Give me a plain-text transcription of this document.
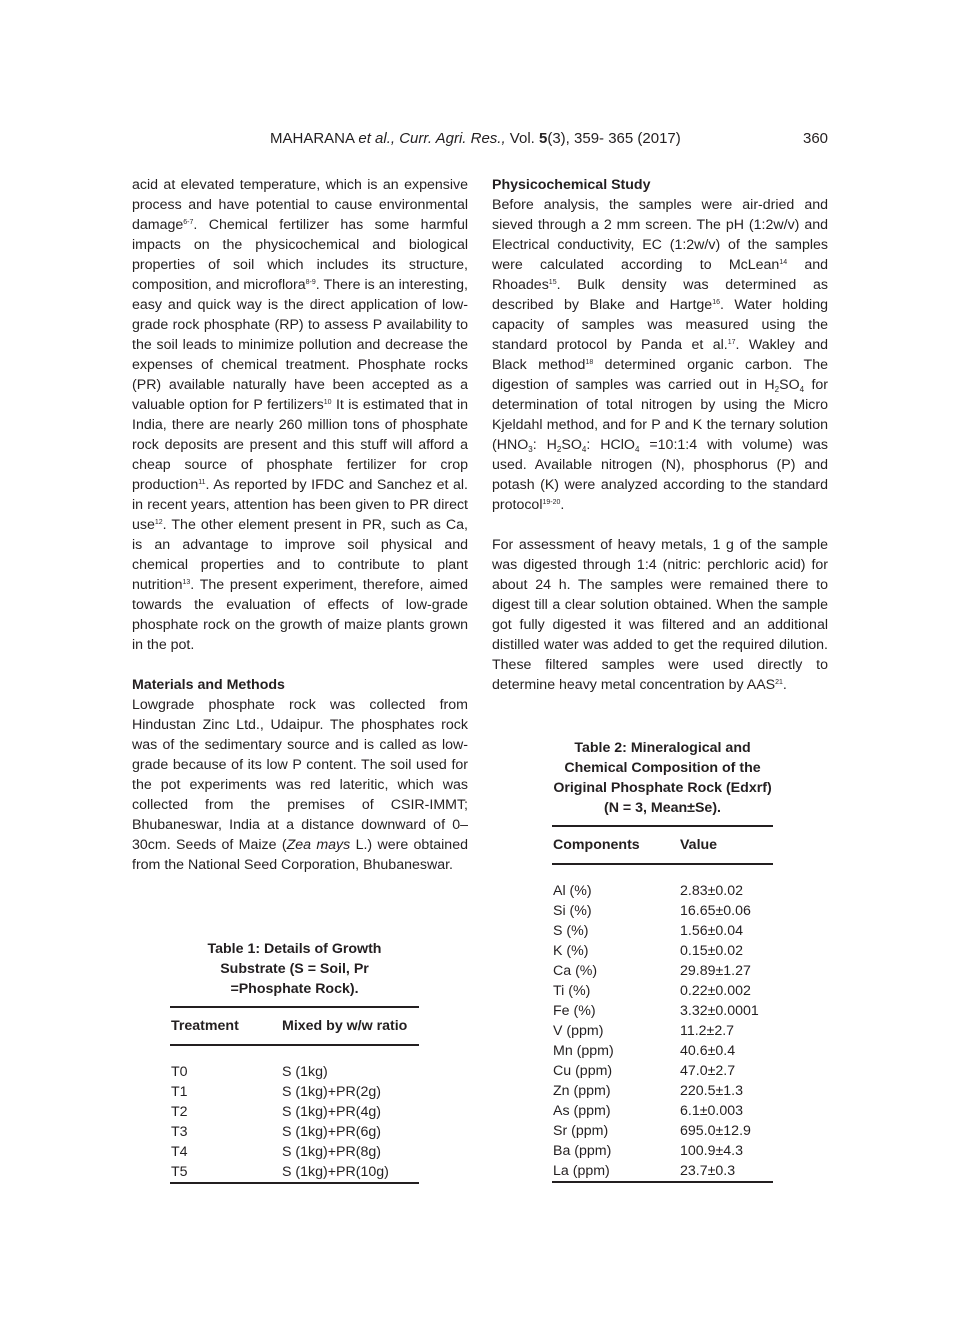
MAHARANA et al., Curr. Agri. Res., Vol. 5(3), 359- 365 (2017)	360

acid at elevated temperature, which is an expensive process and have potential to cause environmental damage$^{6-7}$. Chemical fertilizer has some harmful impacts on the physicochemical and biological properties of soil which includes its structure, composition, and microflora$^{8-9}$. There is an interesting, easy and quick way is the direct application of low-grade rock phosphate (RP) to assess P availability to the soil leads to minimize pollution and decrease the expenses of chemical treatment. Phosphate rocks (PR) available naturally have been accepted as a valuable option for P fertilizers$^{10}$ It is estimated that in India, there are nearly 260 million tons of phosphate rock deposits are present and this stuff will afford a cheap source of phosphate fertilizer for crop production$^{11}$. As reported by IFDC and Sanchez et al. in recent years, attention has been given to PR direct use$^{12}$. The other element present in PR, such as Ca, is an advantage to improve soil physical and chemical properties and to contribute to plant nutrition$^{13}$. The present experiment, therefore, aimed towards the evaluation of effects of low-grade phosphate rock on the growth of maize plants grown in the pot.

Materials and Methods

Lowgrade phosphate rock was collected from Hindustan Zinc Ltd., Udaipur. The phosphates rock was of the sedimentary source and is called as low-grade because of its low P content. The soil used for the pot experiments was red lateritic, which was collected from the premises of CSIR-IMMT; Bhubaneswar, India at a distance downward of 0–30cm. Seeds of Maize (Zea mays L.) were obtained from the National Seed Corporation, Bhubaneswar.

Physicochemical Study

Before analysis, the samples were air-dried and sieved through a 2 mm screen. The pH (1:2w/v) and Electrical conductivity, EC (1:2w/v) of the samples were calculated according to McLean$^{14}$ and Rhoades$^{15}$. Bulk density was determined as described by Blake and Hartge$^{16}$. Water holding capacity of samples was measured using the standard protocol by Panda et al.$^{17}$. Wakley and Black method$^{18}$ determined organic carbon. The digestion of samples was carried out in $H_2SO_4$ for determination of total nitrogen by using the Micro Kjeldahl method, and for P and K the ternary solution ($HNO_3$: $H_2SO_4$: HClO$_4$ =10:1:4 with volume) was used. Available nitrogen (N), phosphorus (P) and potash (K) were analyzed according to the standard protocol$^{19-20}$.

For assessment of heavy metals, 1 g of the sample was digested through 1:4 (nitric: perchloric acid) for about 24 h. The samples were remained there to digest till a clear solution obtained. When the sample got fully digested it was filtered and an additional distilled water was added to get the required dilution. These filtered samples were used directly to determine heavy metal concentration by AAS$^{21}$.

Table 2: Mineralogical and Chemical Composition of the Original Phosphate Rock (Edxrf) (N = 3, Mean±Se).

Components	Value

Al (%)	2.83±0.02
Si (%)	16.65±0.06
S (%)	1.56±0.04
K (%)	0.15±0.02
Ca (%)	29.89±1.27
Ti (%)	0.22±0.002
Fe (%)	3.32±0.0001
V (ppm)	11.2±2.7
Mn (ppm)	40.6±0.4
Cu (ppm)	47.0±2.7
Zn (ppm)	220.5±1.3
As (ppm)	6.1±0.003
Sr (ppm)	695.0±12.9
Ba (ppm)	100.9±4.3
La (ppm)	23.7±0.3

Table 1: Details of Growth Substrate (S = Soil, Pr =Phosphate Rock).

Treatment	Mixed by w/w ratio

T0	S (1kg)
T1	S (1kg)+PR(2g)
T2	S (1kg)+PR(4g)
T3	S (1kg)+PR(6g)
T4	S (1kg)+PR(8g)
T5	S (1kg)+PR(10g)
